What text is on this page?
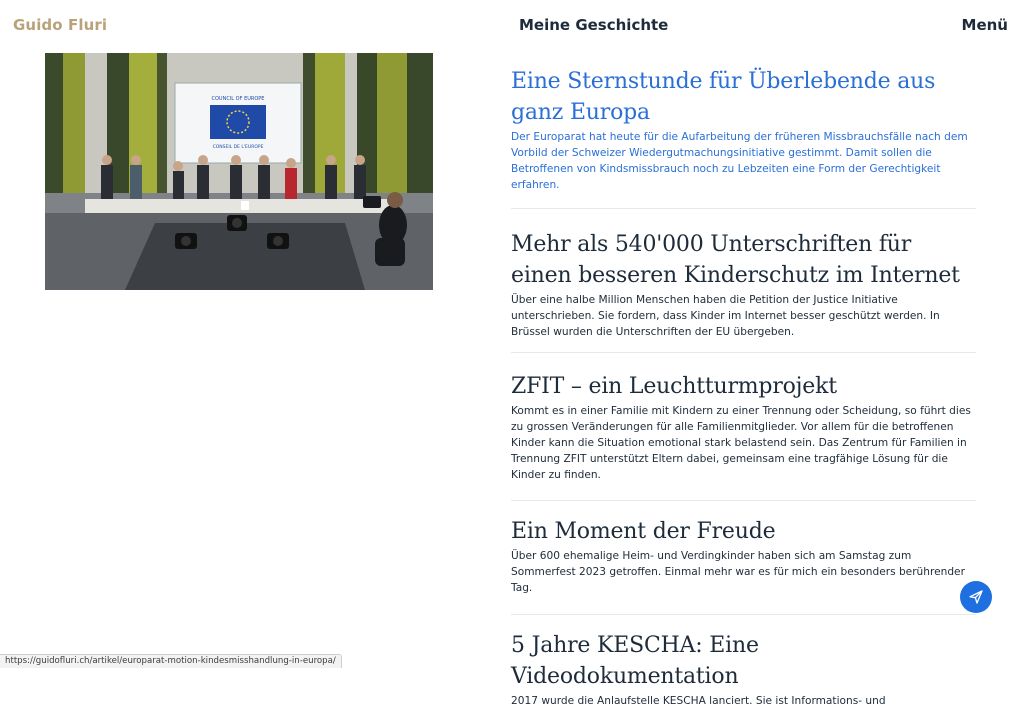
Guido Fluri	Meine Geschichte	Menü
COUNCIL OF EUROPE
CONSEIL DE L'EUROPE
Eine Sternstunde für Überlebende aus ganz Europa

Der Europarat hat heute für die Aufarbeitung der früheren Missbrauchsfälle nach dem Vorbild der Schweizer Wiedergutmachungsinitiative gestimmt. Damit sollen die Betroffenen von Kindsmissbrauch noch zu Lebzeiten eine Form der Gerechtigkeit erfahren.

Mehr als 540'000 Unterschriften für einen besseren Kinderschutz im Internet

Über eine halbe Million Menschen haben die Petition der Justice Initiative unterschrieben. Sie fordern, dass Kinder im Internet besser geschützt werden. In Brüssel wurden die Unterschriften der EU übergeben.

ZFIT – ein Leuchtturmprojekt

Kommt es in einer Familie mit Kindern zu einer Trennung oder Scheidung, so führt dies zu grossen Veränderungen für alle Familienmitglieder. Vor allem für die betroffenen Kinder kann die Situation emotional stark belastend sein. Das Zentrum für Familien in Trennung ZFIT unterstützt Eltern dabei, gemeinsam eine tragfähige Lösung für die Kinder zu finden.

Ein Moment der Freude

Über 600 ehemalige Heim- und Verdingkinder haben sich am Samstag zum Sommerfest 2023 getroffen. Einmal mehr war es für mich ein besonders berührender Tag.

5 Jahre KESCHA: Eine Videodokumentation

2017 wurde die Anlaufstelle KESCHA lanciert. Sie ist Informations- und

https://guidofluri.ch/artikel/europarat-motion-kindesmisshandlung-in-europa/
